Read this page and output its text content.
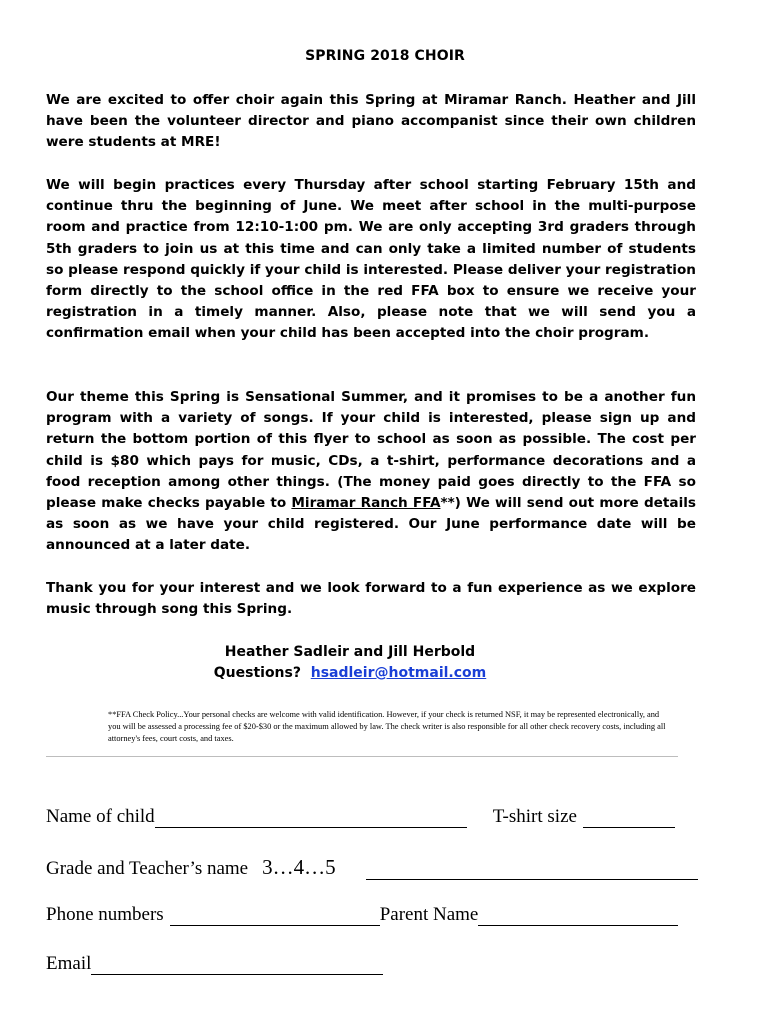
SPRING 2018 CHOIR

We are excited to offer choir again this Spring at Miramar Ranch. Heather and Jill have been the volunteer director and piano accompanist since their own children were students at MRE!

We will begin practices every Thursday after school starting February 15th and continue thru the beginning of June. We meet after school in the multi-purpose room and practice from 12:10-1:00 pm. We are only accepting 3rd graders through 5th graders to join us at this time and can only take a limited number of students so please respond quickly if your child is interested. Please deliver your registration form directly to the school office in the red FFA box to ensure we receive your registration in a timely manner. Also, please note that we will send you a confirmation email when your child has been accepted into the choir program.

Our theme this Spring is Sensational Summer, and it promises to be a another fun program with a variety of songs. If your child is interested, please sign up and return the bottom portion of this flyer to school as soon as possible. The cost per child is $80 which pays for music, CDs, a t-shirt, performance decorations and a food reception among other things. (The money paid goes directly to the FFA so please make checks payable to Miramar Ranch FFA**) We will send out more details as soon as we have your child registered. Our June performance date will be announced at a later date.

Thank you for your interest and we look forward to a fun experience as we explore music through song this Spring.

Heather Sadleir and Jill Herbold
Questions? hsadleir@hotmail.com

**FFA Check Policy...Your personal checks are welcome with valid identification. However, if your check is returned NSF, it may be represented electronically, and you will be assessed a processing fee of $20-$30 or the maximum allowed by law. The check writer is also responsible for all other check recovery costs, including all attorney's fees, court costs, and taxes.

Name of child	T-shirt size
Grade and Teacher’s name 3…4…5
Phone numbers	Parent Name
Email
